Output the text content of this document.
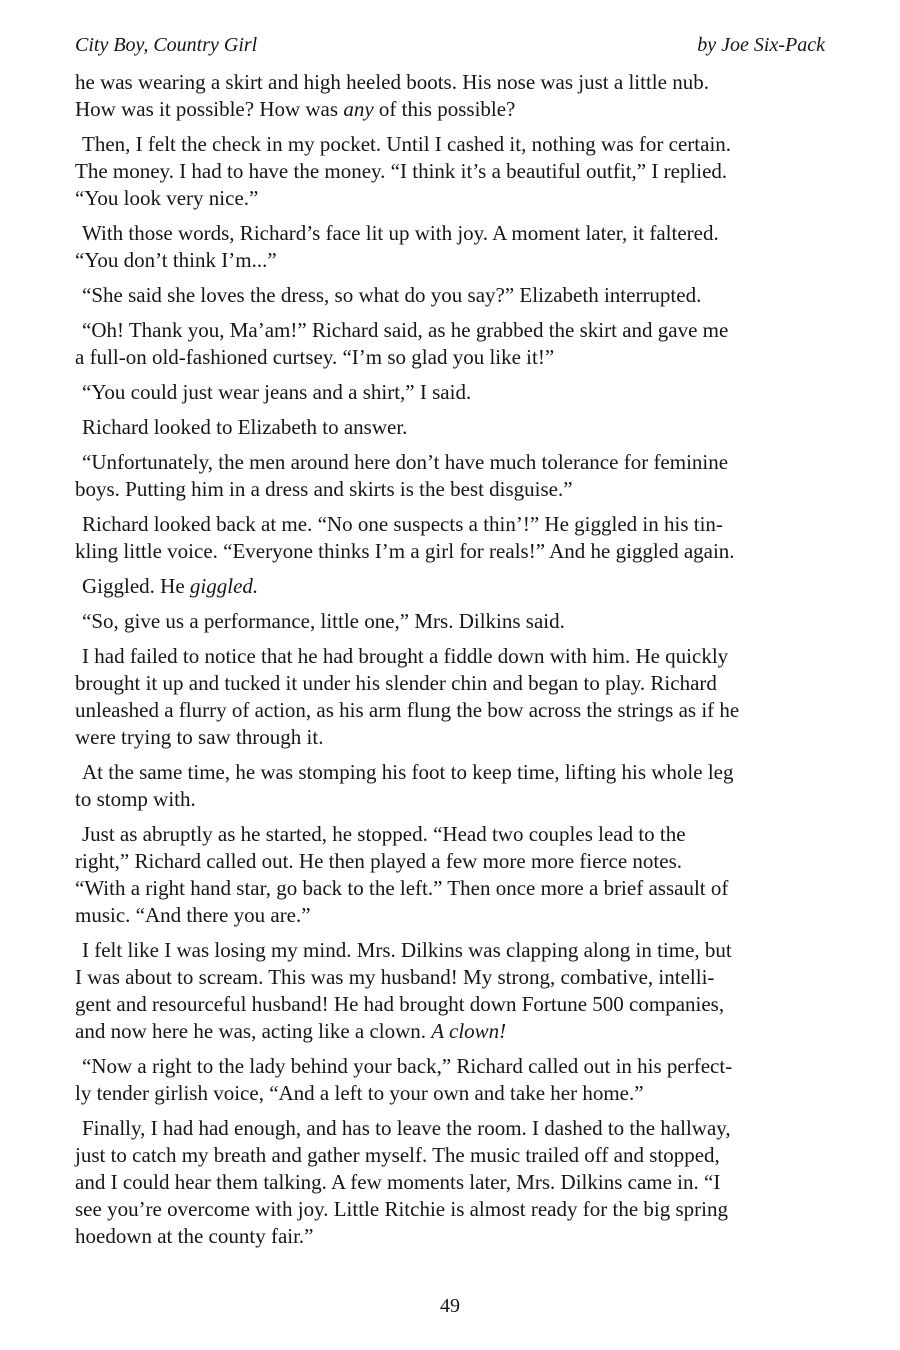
City Boy, Country Girl	by Joe Six-Pack
he was wearing a skirt and high heeled boots. His nose was just a little nub.
How was it possible? How was any of this possible?
Then, I felt the check in my pocket. Until I cashed it, nothing was for certain.
The money. I had to have the money. “I think it’s a beautiful outfit,” I replied.
“You look very nice.”
With those words, Richard’s face lit up with joy. A moment later, it faltered.
“You don’t think I’m...”
“She said she loves the dress, so what do you say?” Elizabeth interrupted.
“Oh! Thank you, Ma’am!” Richard said, as he grabbed the skirt and gave me
a full-on old-fashioned curtsey. “I’m so glad you like it!”
“You could just wear jeans and a shirt,” I said.
Richard looked to Elizabeth to answer.
“Unfortunately, the men around here don’t have much tolerance for feminine
boys. Putting him in a dress and skirts is the best disguise.”
Richard looked back at me. “No one suspects a thin’!” He giggled in his tin-
kling little voice. “Everyone thinks I’m a girl for reals!” And he giggled again.
Giggled. He giggled.
“So, give us a performance, little one,” Mrs. Dilkins said.
I had failed to notice that he had brought a fiddle down with him. He quickly
brought it up and tucked it under his slender chin and began to play. Richard
unleashed a flurry of action, as his arm flung the bow across the strings as if he
were trying to saw through it.
At the same time, he was stomping his foot to keep time, lifting his whole leg
to stomp with.
Just as abruptly as he started, he stopped. “Head two couples lead to the
right,” Richard called out. He then played a few more more fierce notes.
“With a right hand star, go back to the left.” Then once more a brief assault of
music. “And there you are.”
I felt like I was losing my mind. Mrs. Dilkins was clapping along in time, but
I was about to scream. This was my husband! My strong, combative, intelli-
gent and resourceful husband! He had brought down Fortune 500 companies,
and now here he was, acting like a clown. A clown!
“Now a right to the lady behind your back,” Richard called out in his perfect-
ly tender girlish voice, “And a left to your own and take her home.”
Finally, I had had enough, and has to leave the room. I dashed to the hallway,
just to catch my breath and gather myself. The music trailed off and stopped,
and I could hear them talking. A few moments later, Mrs. Dilkins came in. “I
see you’re overcome with joy. Little Ritchie is almost ready for the big spring
hoedown at the county fair.”
49
